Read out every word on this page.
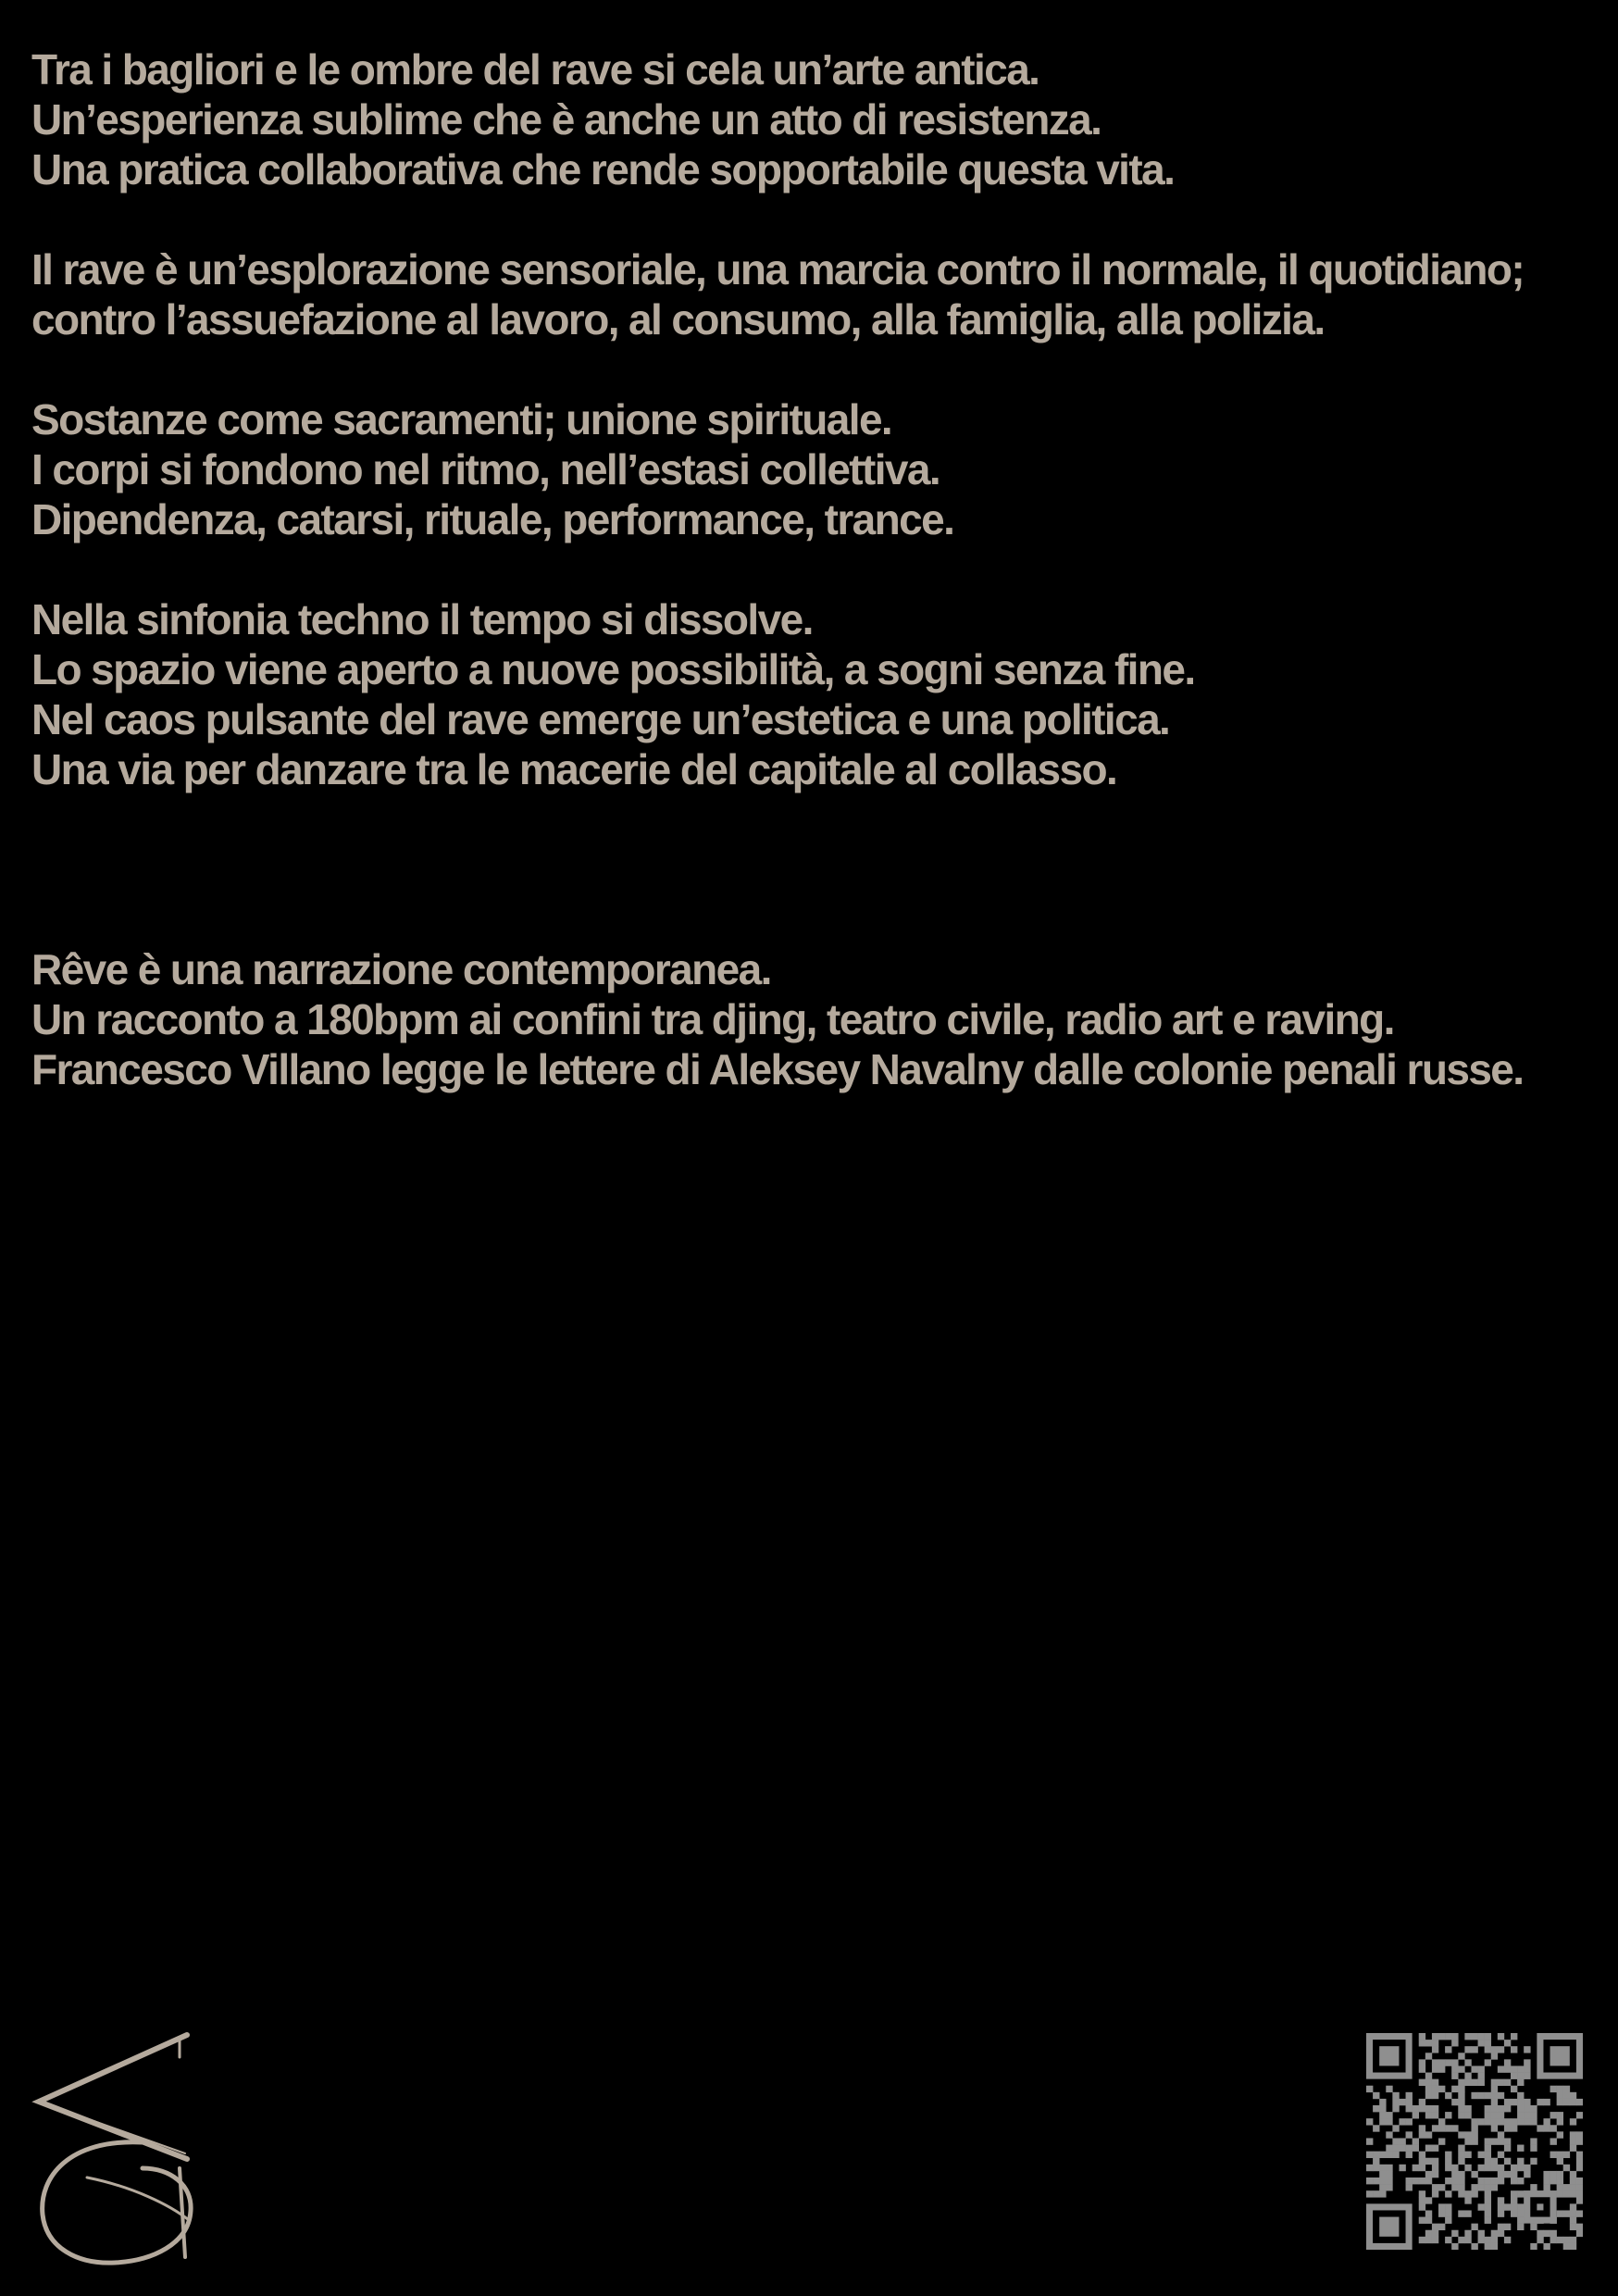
Tra i bagliori e le ombre del rave si cela un’arte antica.
Un’esperienza sublime che è anche un atto di resistenza.
Una pratica collaborativa che rende sopportabile questa vita.
Il rave è un’esplorazione sensoriale, una marcia contro il normale, il quotidiano;
contro l’assuefazione al lavoro, al consumo, alla famiglia, alla polizia.
Sostanze come sacramenti; unione spirituale.
I corpi si fondono nel ritmo, nell’estasi collettiva.
Dipendenza, catarsi, rituale, performance, trance.
Nella sinfonia techno il tempo si dissolve.
Lo spazio viene aperto a nuove possibilità, a sogni senza fine.
Nel caos pulsante del rave emerge un’estetica e una politica.
Una via per danzare tra le macerie del capitale al collasso.
Rêve è una narrazione contemporanea.
Un racconto a 180bpm ai confini tra djing, teatro civile, radio art e raving.
Francesco Villano legge le lettere di Aleksey Navalny dalle colonie penali russe.
